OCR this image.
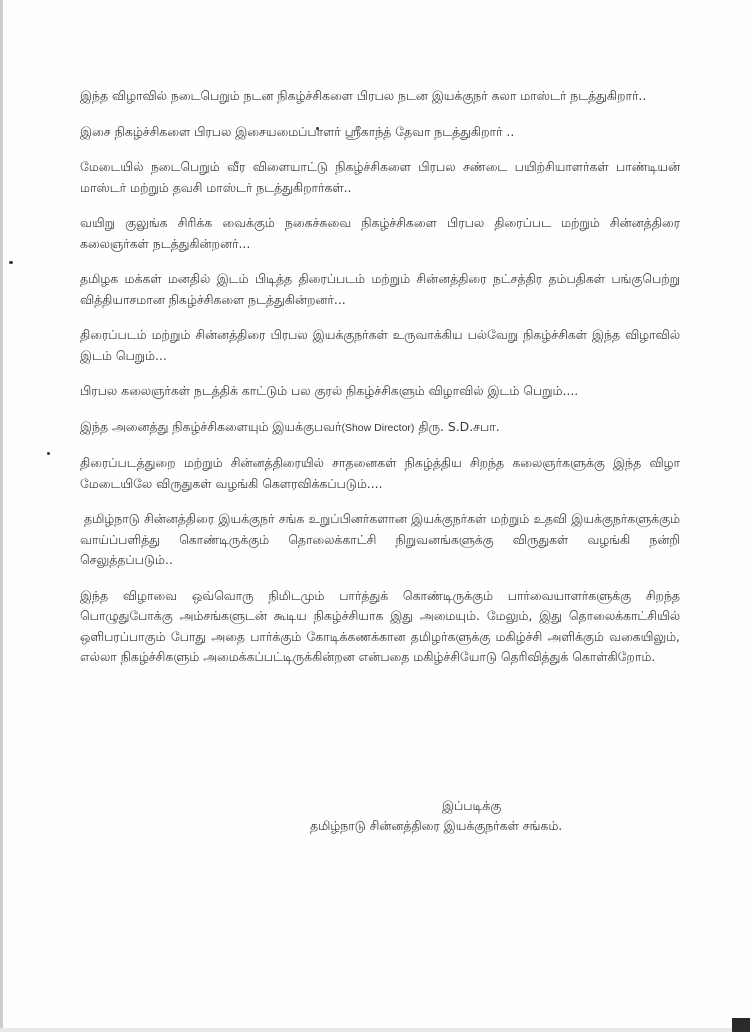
இந்த விழாவில் நடைபெறும் நடன நிகழ்ச்சிகளை பிரபல நடன இயக்குநர் கலா மாஸ்டர் நடத்துகிறார்..

இசை நிகழ்ச்சிகளை பிரபல இசையமைப்பாளர் ஸ்ரீகாந்த் தேவா நடத்துகிறார் ..

மேடையில் நடைபெறும் வீர விளையாட்டு நிகழ்ச்சிகளை பிரபல சண்டை பயிற்சியாளர்கள் பாண்டியன் மாஸ்டர் மற்றும் தவசி மாஸ்டர் நடத்துகிறார்கள்..

வயிறு குலுங்க சிரிக்க வைக்கும் நகைச்சுவை நிகழ்ச்சிகளை பிரபல திரைப்பட மற்றும் சின்னத்திரை கலைஞர்கள் நடத்துகின்றனர்...

தமிழக மக்கள் மனதில் இடம் பிடித்த திரைப்படம் மற்றும் சின்னத்திரை நட்சத்திர தம்பதிகள் பங்குபெற்று வித்தியாசமான நிகழ்ச்சிகளை நடத்துகின்றனர்...

திரைப்படம் மற்றும் சின்னத்திரை பிரபல இயக்குநர்கள் உருவாக்கிய பல்வேறு நிகழ்ச்சிகள் இந்த விழாவில் இடம் பெறும்...

பிரபல கலைஞர்கள் நடத்திக் காட்டும் பல குரல் நிகழ்ச்சிகளும் விழாவில் இடம் பெறும்....

இந்த அனைத்து நிகழ்ச்சிகளையும் இயக்குபவர்(Show Director) திரு. S.D.சபா.

திரைப்படத்துறை மற்றும் சின்னத்திரையில் சாதனைகள் நிகழ்த்திய சிறந்த கலைஞர்களுக்கு இந்த விழா மேடையிலே விருதுகள் வழங்கி கௌரவிக்கப்படும்....

தமிழ்நாடு சின்னத்திரை இயக்குநர் சங்க உறுப்பினர்களான இயக்குநர்கள் மற்றும் உதவி இயக்குநர்களுக்கும் வாய்ப்பளித்து கொண்டிருக்கும் தொலைக்காட்சி நிறுவனங்களுக்கு விருதுகள் வழங்கி நன்றி செலுத்தப்படும்..

இந்த விழாவை ஒவ்வொரு நிமிடமும் பார்த்துக் கொண்டிருக்கும் பார்வையாளர்களுக்கு சிறந்த பொழுதுபோக்கு அம்சங்களுடன் கூடிய நிகழ்ச்சியாக இது அமையும். மேலும், இது தொலைக்காட்சியில் ஒளிபரப்பாகும் போது அதை பார்க்கும் கோடிக்கணக்கான தமிழர்களுக்கு மகிழ்ச்சி அளிக்கும் வகையிலும், எல்லா நிகழ்ச்சிகளும் அமைக்கப்பட்டிருக்கின்றன என்பதை மகிழ்ச்சியோடு தெரிவித்துக் கொள்கிறோம்.

இப்படிக்கு
தமிழ்நாடு சின்னத்திரை இயக்குநர்கள் சங்கம்.
